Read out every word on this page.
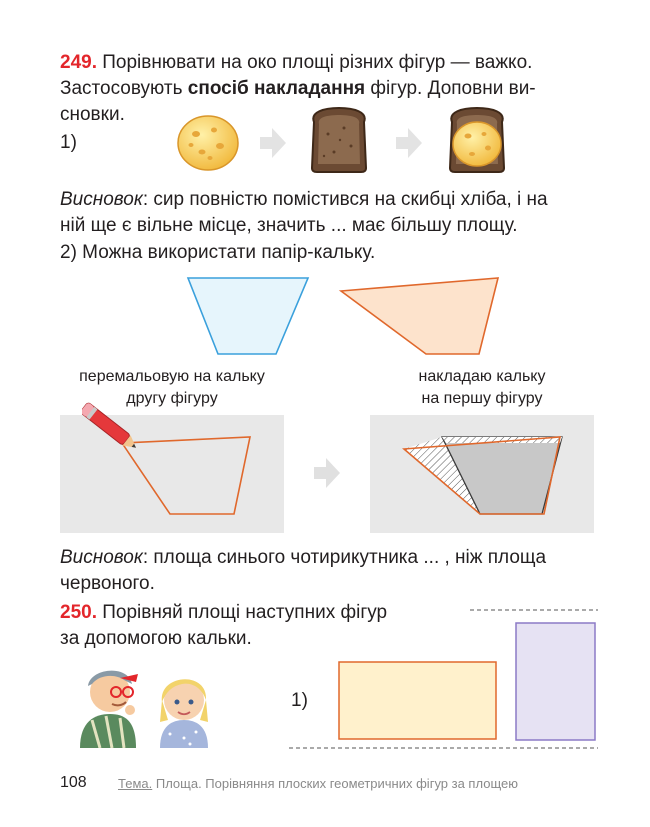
249. Порівнювати на око площі різних фігур — важко.
Застосовують спосіб накладання фігур. Доповни ви-
сновки.
1)
Висновок: сир повністю помістився на скибці хліба, і на
ній ще є вільне місце, значить ... має більшу площу.
2) Можна використати папір-кальку.
перемальовую на кальку
другу фігуру
накладаю кальку
на першу фігуру
Висновок: площа синього чотирикутника ... , ніж площа
червоного.
250. Порівняй площі наступних фігур
за допомогою кальки.
1)
108 Тема. Площа. Порівняння плоских геометричних фігур за площею
